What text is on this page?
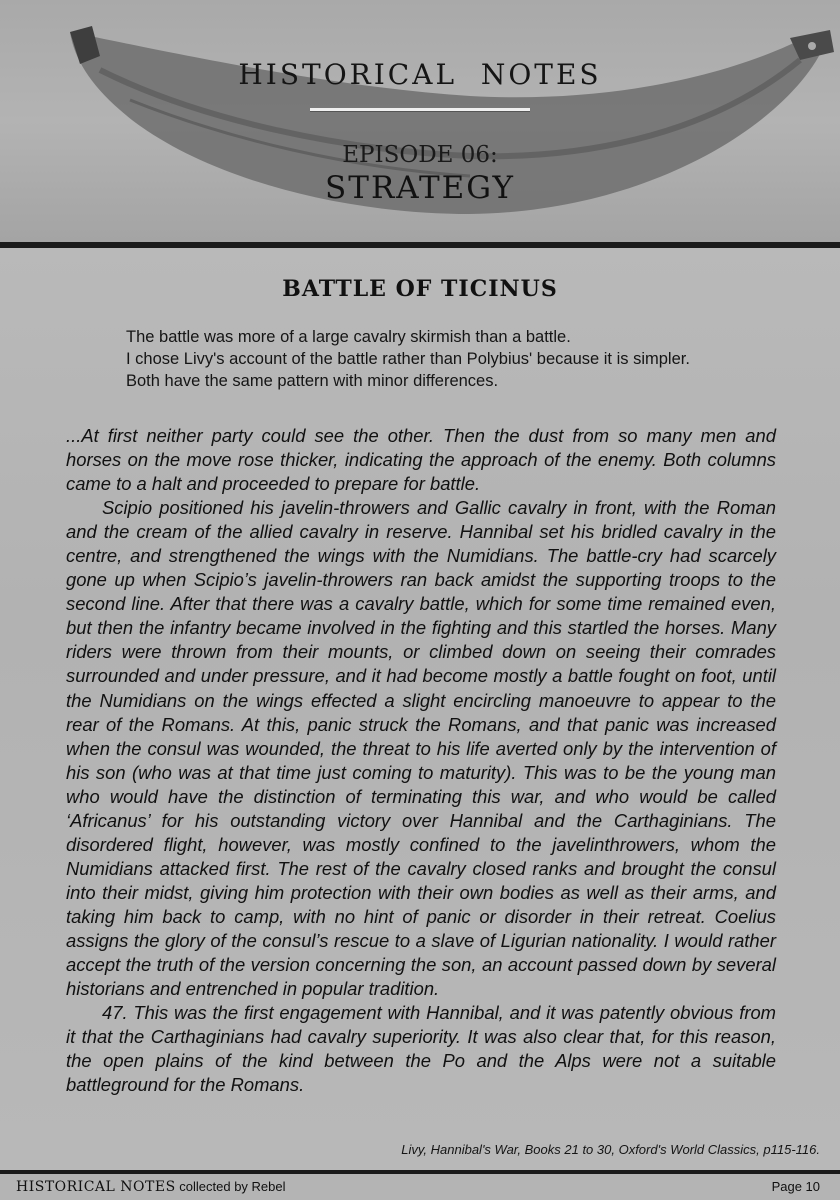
HISTORICAL  NOTES
EPISODE 06:
STRATEGY
BATTLE OF TICINUS
The battle was more of a large cavalry skirmish than a battle.
I chose Livy's account of the battle rather than Polybius' because it is simpler.
Both have the same pattern with minor differences.

...At first neither party could see the other. Then the dust from so many men and horses on the move rose thicker, indicating the approach of the enemy. Both columns came to a halt and proceeded to prepare for battle.

Scipio positioned his javelin-throwers and Gallic cavalry in front, with the Roman and the cream of the allied cavalry in reserve. Hannibal set his bridled cavalry in the centre, and strengthened the wings with the Numidians. The battle-cry had scarcely gone up when Scipio’s javelin-throwers ran back amidst the supporting troops to the second line. After that there was a cavalry battle, which for some time remained even, but then the infantry became involved in the fighting and this startled the horses. Many riders were thrown from their mounts, or climbed down on seeing their comrades surrounded and under pressure, and it had become mostly a battle fought on foot, until the Numidians on the wings effected a slight encircling manoeuvre to appear to the rear of the Romans. At this, panic struck the Romans, and that panic was increased when the consul was wounded, the threat to his life averted only by the intervention of his son (who was at that time just coming to maturity). This was to be the young man who would have the distinction of terminating this war, and who would be called ‘Africanus’ for his outstanding victory over Hannibal and the Carthaginians. The disordered flight, however, was mostly confined to the javelinthrowers, whom the Numidians attacked first. The rest of the cavalry closed ranks and brought the consul into their midst, giving him protection with their own bodies as well as their arms, and taking him back to camp, with no hint of panic or disorder in their retreat. Coelius assigns the glory of the consul’s rescue to a slave of Ligurian nationality. I would rather accept the truth of the version concerning the son, an account passed down by several historians and entrenched in popular tradition.

47. This was the first engagement with Hannibal, and it was patently obvious from it that the Carthaginians had cavalry superiority. It was also clear that, for this reason, the open plains of the kind between the Po and the Alps were not a suitable battleground for the Romans.

Livy, Hannibal's War, Books 21 to 30, Oxford's World Classics, p115-116.
HISTORICAL NOTES collected by Rebel	Page 10
